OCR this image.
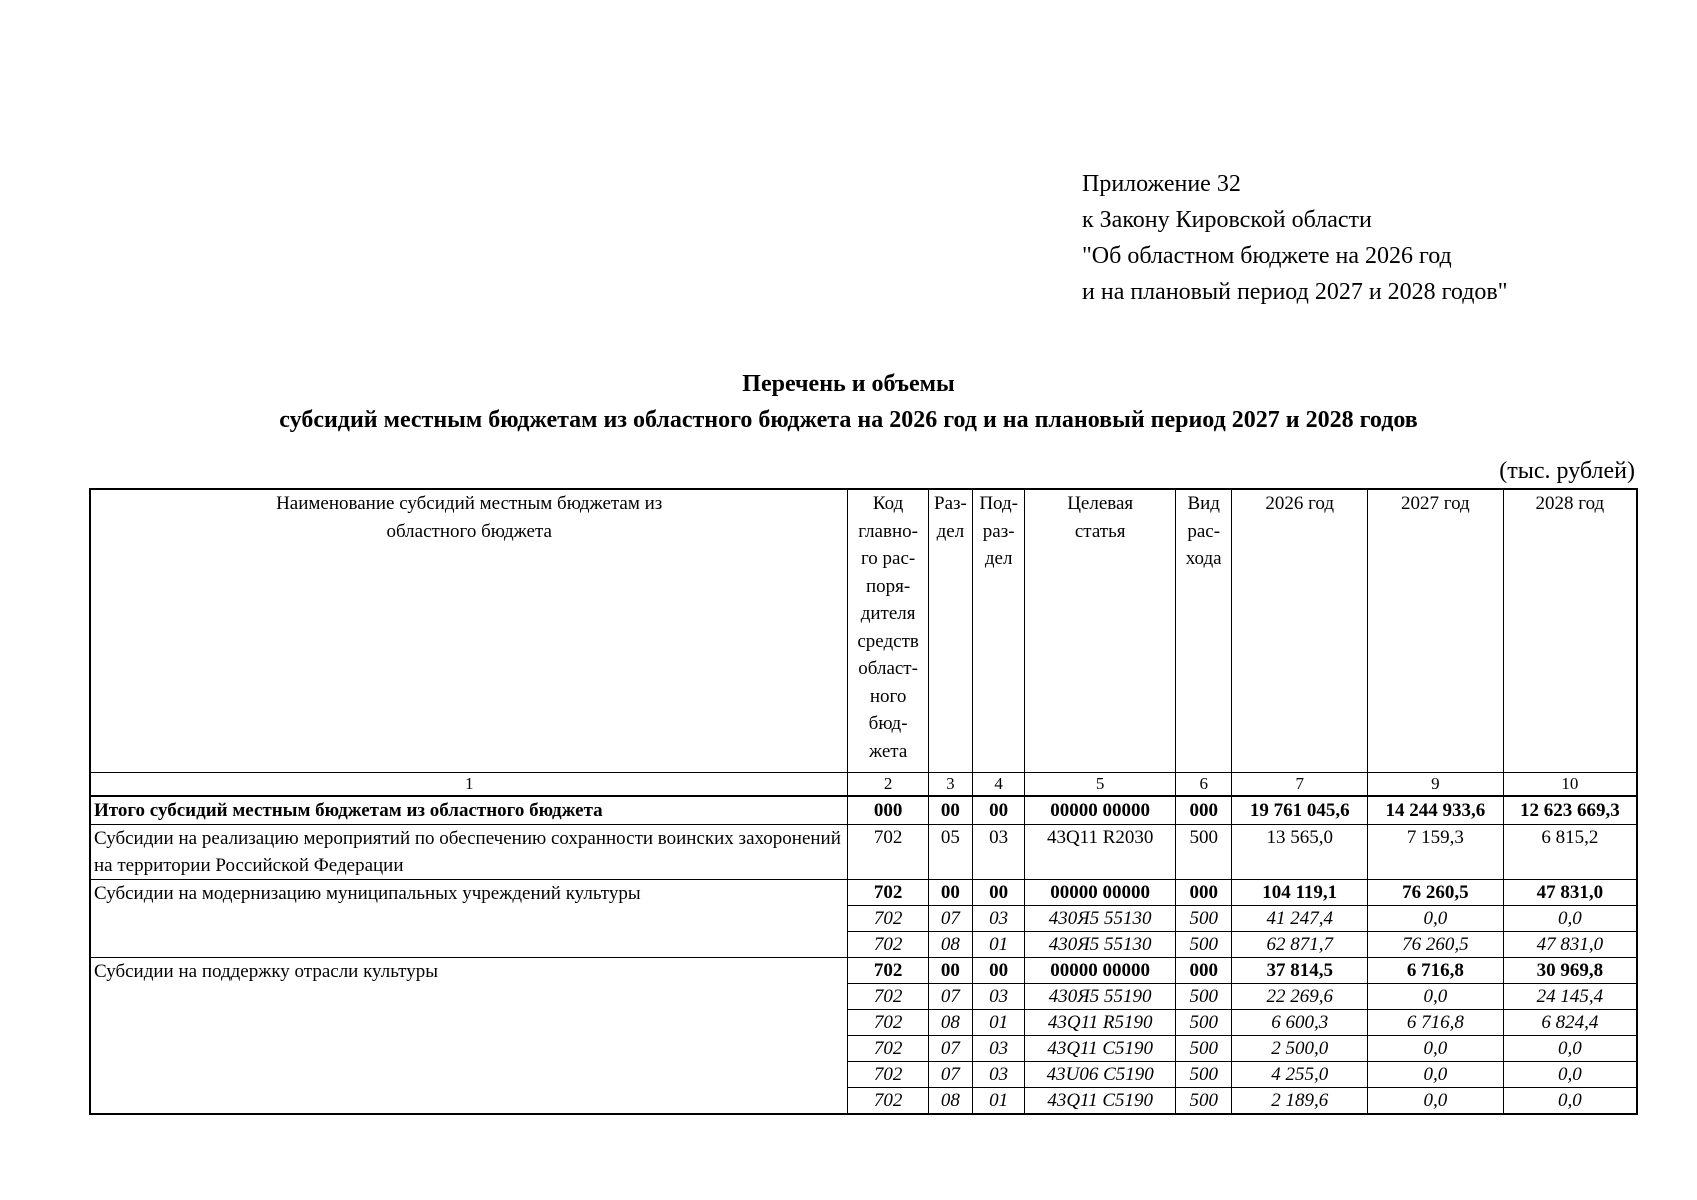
Приложение 32
к Закону Кировской области
"Об областном бюджете на 2026 год
и на плановый период 2027 и 2028 годов"
Перечень и объемы
субсидий местным бюджетам из областного бюджета на 2026 год и на плановый период 2027 и 2028 годов
(тыс. рублей)
Наименование субсидий местным бюджетам из областного бюджета	Код главно-го рас-поря-дителя средств област-ного бюд-жета	Раз-дел	Под-раз-дел	Целевая статья	Вид рас-хода	2026 год	2027 год	2028 год
1	2	3	4	5	6	7	9	10
Итого субсидий местным бюджетам из областного бюджета	000	00	00	00000 00000	000	19 761 045,6	14 244 933,6	12 623 669,3
Субсидии на реализацию мероприятий по обеспечению сохранности воинских захоронений на территории Российской Федерации	702	05	03	43Q11 R2030	500	13 565,0	7 159,3	6 815,2
Субсидии на модернизацию муниципальных учреждений культуры	702	00	00	00000 00000	000	104 119,1	76 260,5	47 831,0
	702	07	03	430Я5 55130	500	41 247,4	0,0	0,0
	702	08	01	430Я5 55130	500	62 871,7	76 260,5	47 831,0
Субсидии на поддержку отрасли культуры	702	00	00	00000 00000	000	37 814,5	6 716,8	30 969,8
	702	07	03	430Я5 55190	500	22 269,6	0,0	24 145,4
	702	08	01	43Q11 R5190	500	6 600,3	6 716,8	6 824,4
	702	07	03	43Q11 C5190	500	2 500,0	0,0	0,0
	702	07	03	43U06 C5190	500	4 255,0	0,0	0,0
	702	08	01	43Q11 C5190	500	2 189,6	0,0	0,0
